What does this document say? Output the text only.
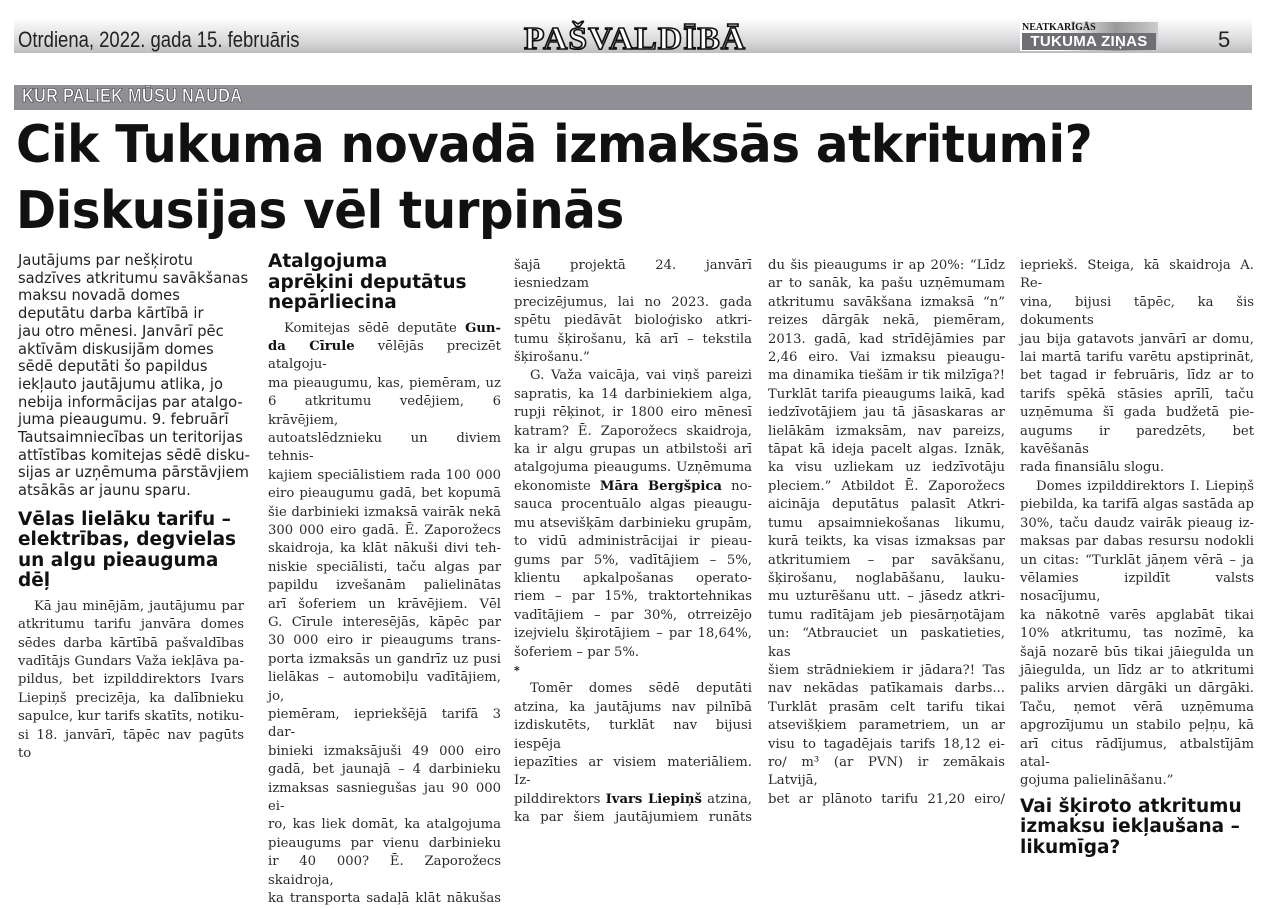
Otrdiena, 2022. gada 15. februāris	PAŠVALDĪBĀ	NEATKARĪGĀS
TUKUMA ZIŅAS	5
KUR PALIEK MŪSU NAUDA
Cik Tukuma novadā izmaksās atkritumi?
Diskusijas vēl turpinās
Jautājums par nešķirotu
sadzīves atkritumu savākšanas
maksu novadā domes
deputātu darba kārtībā ir
jau otro mēnesi. Janvārī pēc
aktīvām diskusijām domes
sēdē deputāti šo papildus
iekļauto jautājumu atlika, jo
nebija informācijas par atalgo-
juma pieaugumu. 9. februārī
Tautsaimniecības un teritorijas
attīstības komitejas sēdē disku-
sijas ar uzņēmuma pārstāvjiem
atsākās ar jaunu sparu.
Vēlas lielāku tarifu –
elektrības, degvielas
un algu pieauguma
dēļ
Kā jau minējām, jautājumu par
atkritumu tarifu janvāra domes
sēdes darba kārtībā pašvaldības
vadītājs Gundars Važa iekļāva pa-
pildus, bet izpilddirektors Ivars
Liepiņš precizēja, ka dalībnieku
sapulce, kur tarifs skatīts, notiku-
si 18. janvārī, tāpēc nav pagūts to
Atalgojuma
aprēķini deputātus
nepārliecina
Komitejas sēdē deputāte Gun-
da Cīrule vēlējās precizēt atalgoju-
ma pieaugumu, kas, piemēram, uz
6 atkritumu vedējiem, 6 krāvējiem,
autoatslēdznieku un diviem tehnis-
kajiem speciālistiem rada 100 000
eiro pieaugumu gadā, bet kopumā
šie darbinieki izmaksā vairāk nekā
300 000 eiro gadā. Ē. Zaporožecs
skaidroja, ka klāt nākuši divi teh-
niskie speciālisti, taču algas par
papildu izvešanām palielinātas
arī šoferiem un krāvējiem. Vēl
G. Cīrule interesējās, kāpēc par
30 000 eiro ir pieaugums trans-
porta izmaksās un gandrīz uz pusi
lielākas – automobiļu vadītājiem, jo,
piemēram, iepriekšējā tarifā 3 dar-
binieki izmaksājuši 49 000 eiro
gadā, bet jaunajā – 4 darbinieku
izmaksas sasniegušas jau 90 000 ei-
ro, kas liek domāt, ka atalgojuma
pieaugums par vienu darbinieku
ir 40 000? Ē. Zaporožecs skaidroja,
ka transporta sadaļā klāt nākušas
šajā projektā 24. janvārī iesniedzam
precizējumus, lai no 2023. gada
spētu piedāvāt bioloģisko atkri-
tumu šķirošanu, kā arī – tekstila
šķirošanu.”
G. Važa vaicāja, vai viņš pareizi
sapratis, ka 14 darbiniekiem alga,
rupji rēķinot, ir 1800 eiro mēnesī
katram? Ē. Zaporožecs skaidroja,
ka ir algu grupas un atbilstoši arī
atalgojuma pieaugums. Uzņēmuma
ekonomiste Māra Bergšpica no-
sauca procentuālo algas pieaugu-
mu atsevišķām darbinieku grupām,
to vidū administrācijai ir pieau-
gums par 5%, vadītājiem – 5%,
klientu apkalpošanas operato-
riem – par 15%, traktortehnikas
vadītājiem – par 30%, otrreizējo
izejvielu šķirotājiem – par 18,64%,
šoferiem – par 5%.
*
Tomēr domes sēdē deputāti
atzina, ka jautājums nav pilnībā
izdiskutēts, turklāt nav bijusi iespēja
iepazīties ar visiem materiāliem. Iz-
pilddirektors Ivars Liepiņš atzina,
ka par šiem jautājumiem runāts
du šis pieaugums ir ap 20%: “Līdz
ar to sanāk, ka pašu uzņēmumam
atkritumu savākšana izmaksā “n”
reizes dārgāk nekā, piemēram,
2013. gadā, kad strīdējāmies par
2,46 eiro. Vai izmaksu pieaugu-
ma dinamika tiešām ir tik milzīga?!
Turklāt tarifa pieaugums laikā, kad
iedzīvotājiem jau tā jāsaskaras ar
lielākām izmaksām, nav pareizs,
tāpat kā ideja pacelt algas. Iznāk,
ka visu uzliekam uz iedzīvotāju
pleciem.” Atbildot Ē. Zaporožecs
aicināja deputātus palasīt Atkri-
tumu apsaimniekošanas likumu,
kurā teikts, ka visas izmaksas par
atkritumiem – par savākšanu,
šķirošanu, noglabāšanu, lauku-
mu uzturēšanu utt. – jāsedz atkri-
tumu radītājam jeb piesārņotājam
un: “Atbrauciet un paskatieties, kas
šiem strādniekiem ir jādara?! Tas
nav nekādas patīkamais darbs...
Turklāt prasām celt tarifu tikai
atsevišķiem parametriem, un ar
visu to tagadējais tarifs 18,12 ei-
ro/ m³ (ar PVN) ir zemākais Latvijā,
bet ar plānoto tarifu 21,20 eiro/
iepriekš. Steiga, kā skaidroja A. Re-
vina, bijusi tāpēc, ka šis dokuments
jau bija gatavots janvārī ar domu,
lai martā tarifu varētu apstiprināt,
bet tagad ir februāris, līdz ar to
tarifs spēkā stāsies aprīlī, taču
uzņēmuma šī gada budžetā pie-
augums ir paredzēts, bet kavēšanās
rada finansiālu slogu.
Domes izpilddirektors I. Liepiņš
piebilda, ka tarifā algas sastāda ap
30%, taču daudz vairāk pieaug iz-
maksas par dabas resursu nodokli
un citas: “Turklāt jāņem vērā – ja
vēlamies izpildīt valsts nosacījumu,
ka nākotnē varēs apglabāt tikai
10% atkritumu, tas nozīmē, ka
šajā nozarē būs tikai jāiegulda un
jāiegulda, un līdz ar to atkritumi
paliks arvien dārgāki un dārgāki.
Taču, ņemot vērā uzņēmuma
apgrozījumu un stabilo peļņu, kā
arī citus rādījumus, atbalstījām atal-
gojuma palielināšanu.”
Vai šķiroto atkritumu
izmaksu iekļaušana –
likumīga?
